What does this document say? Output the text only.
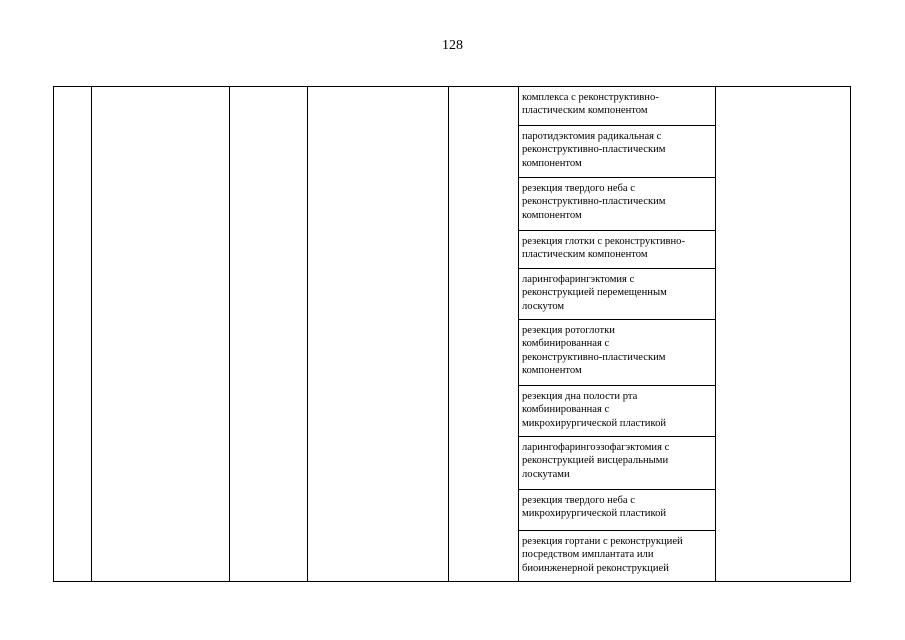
128
комплекса с реконструктивно-
пластическим компонентом
паротидэктомия радикальная с
реконструктивно-пластическим
компонентом
резекция твердого неба с
реконструктивно-пластическим
компонентом
резекция глотки с реконструктивно-
пластическим компонентом
ларингофарингэктомия с
реконструкцией перемещенным
лоскутом
резекция ротоглотки
комбинированная с
реконструктивно-пластическим
компонентом
резекция дна полости рта
комбинированная с
микрохирургической пластикой
ларингофарингоэзофагэктомия с
реконструкцией висцеральными
лоскутами
резекция твердого неба с
микрохирургической пластикой
резекция гортани с реконструкцией
посредством имплантата или
биоинженерной реконструкцией
